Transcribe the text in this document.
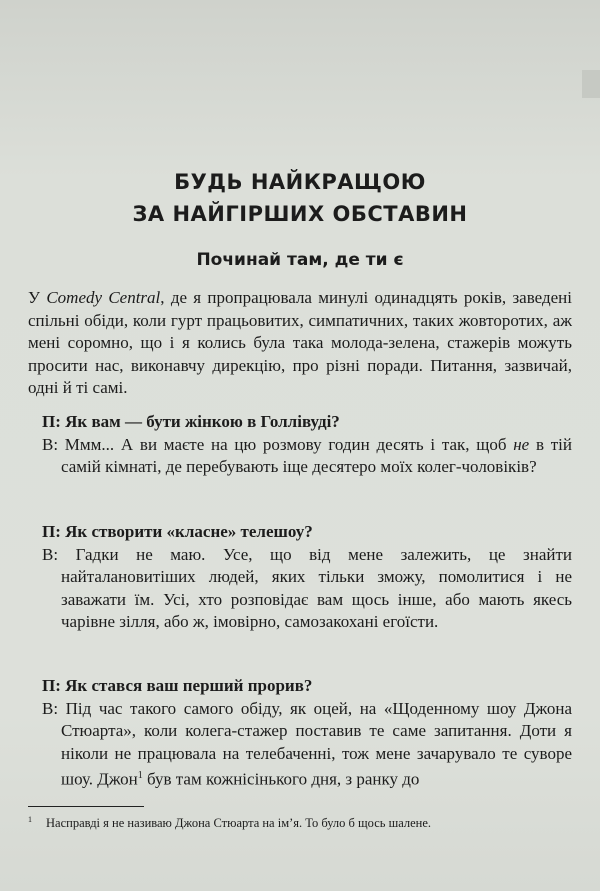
БУДЬ НАЙКРАЩОЮ
ЗА НАЙГІРШИХ ОБСТАВИН
Починай там, де ти є

У Comedy Central, де я пропрацювала минулі одинадцять років, заведені спільні обіди, коли гурт працьовитих, симпатичних, таких жовторотих, аж мені соромно, що і я колись була така молода-зелена, стажерів можуть просити нас, виконавчу дирекцію, про різні поради. Питання, зазвичай, одні й ті самі.

П: Як вам — бути жінкою в Голлівуді?
В: Ммм... А ви маєте на цю розмову годин десять і так, щоб не в тій самій кімнаті, де перебувають іще десятеро моїх колег-чоловіків?
П: Як створити «класне» телешоу?
В: Гадки не маю. Усе, що від мене залежить, це знайти найталановитіших людей, яких тільки зможу, помолитися і не заважати їм. Усі, хто розповідає вам щось інше, або мають якесь чарівне зілля, або ж, імовірно, самозакохані егоїсти.
П: Як стався ваш перший прорив?
В: Під час такого самого обіду, як оцей, на «Щоденному шоу Джона Стюарта», коли колега-стажер поставив те саме запитання. Доти я ніколи не працювала на телебаченні, тож мене зачарувало те суворе шоу. Джон$^1$ був там кожнісінького дня, з ранку до
$^1$ Насправді я не називаю Джона Стюарта на ім’я. То було б щось шалене.
